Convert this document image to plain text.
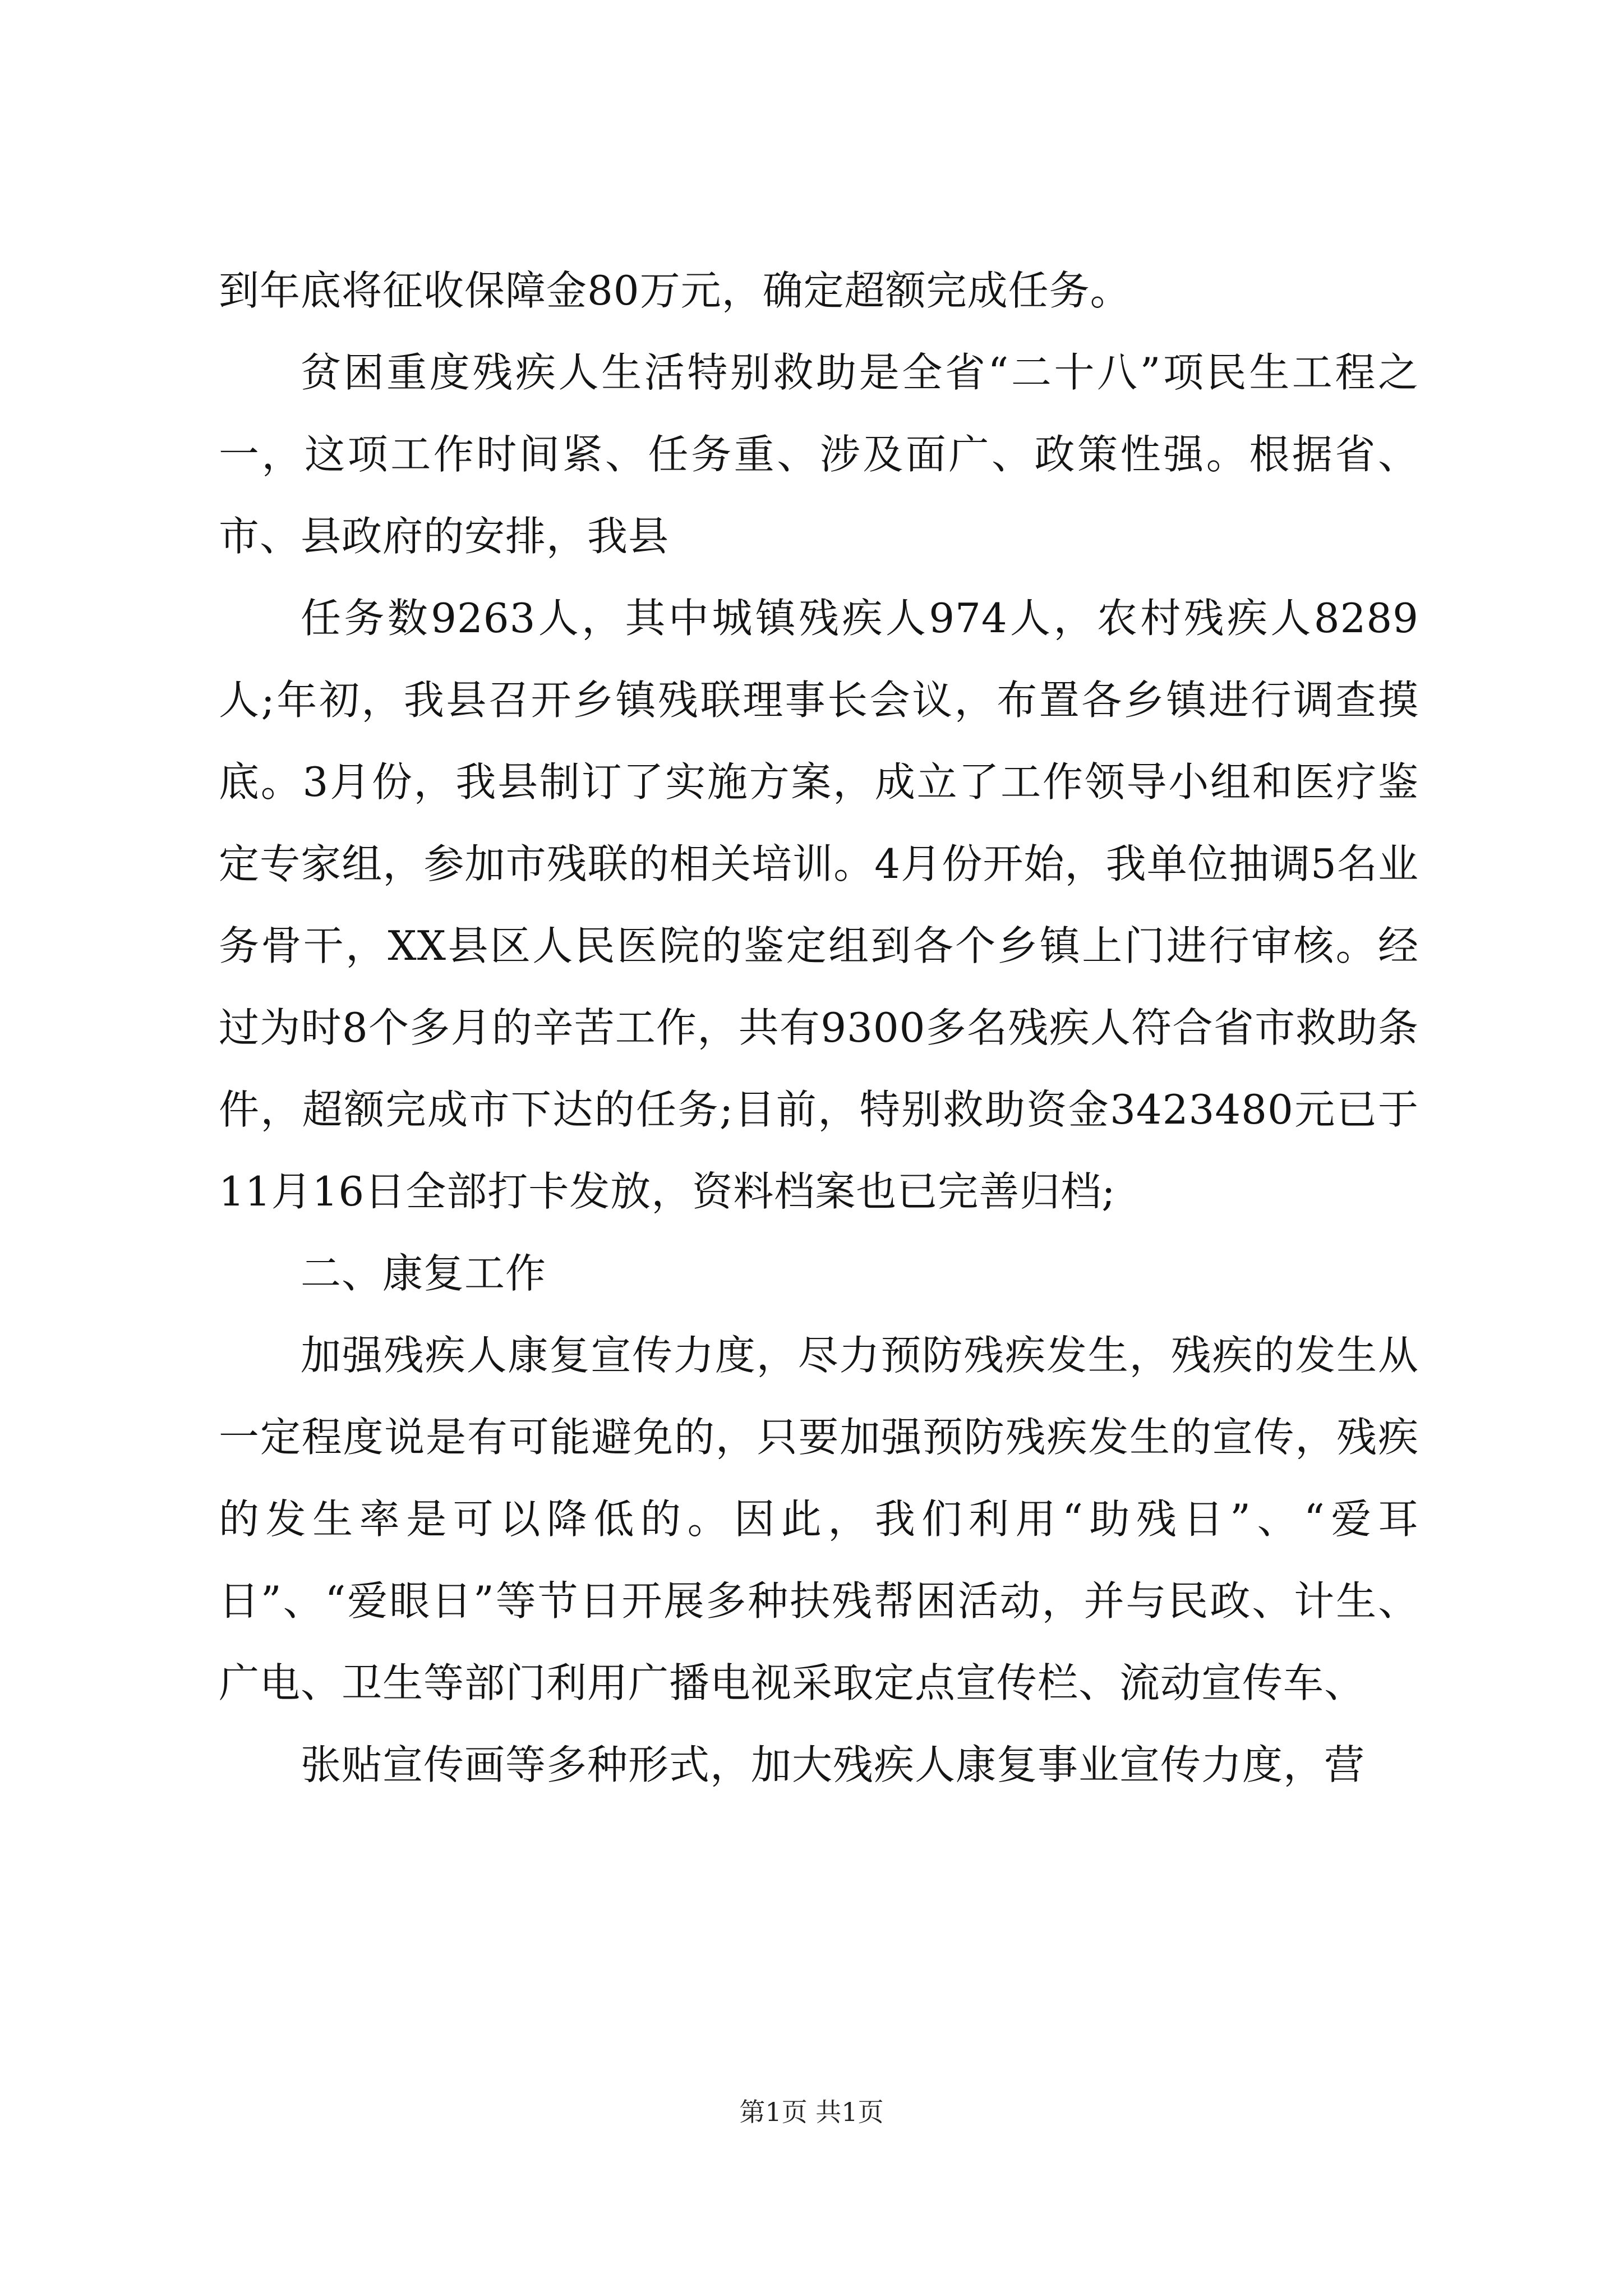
到年底将征收保障金80万元，确定超额完成任务。

贫困重度残疾人生活特别救助是全省“二十八”项民生工程之一，这项工作时间紧、任务重、涉及面广、政策性强。根据省、市、县政府的安排，我县

任务数9263人，其中城镇残疾人974人，农村残疾人8289人;年初，我县召开乡镇残联理事长会议，布置各乡镇进行调查摸底。3月份，我县制订了实施方案，成立了工作领导小组和医疗鉴定专家组，参加市残联的相关培训。4月份开始，我单位抽调5名业务骨干，XX县区人民医院的鉴定组到各个乡镇上门进行审核。经过为时8个多月的辛苦工作，共有9300多名残疾人符合省市救助条件，超额完成市下达的任务;目前，特别救助资金3423480元已于11月16日全部打卡发放，资料档案也已完善归档;

二、康复工作

加强残疾人康复宣传力度，尽力预防残疾发生，残疾的发生从一定程度说是有可能避免的，只要加强预防残疾发生的宣传，残疾的发生率是可以降低的。因此，我们利用“助残日”、“爱耳日”、“爱眼日”等节日开展多种扶残帮困活动，并与民政、计生、广电、卫生等部门利用广播电视采取定点宣传栏、流动宣传车、

张贴宣传画等多种形式，加大残疾人康复事业宣传力度，营

第1页 共1页
